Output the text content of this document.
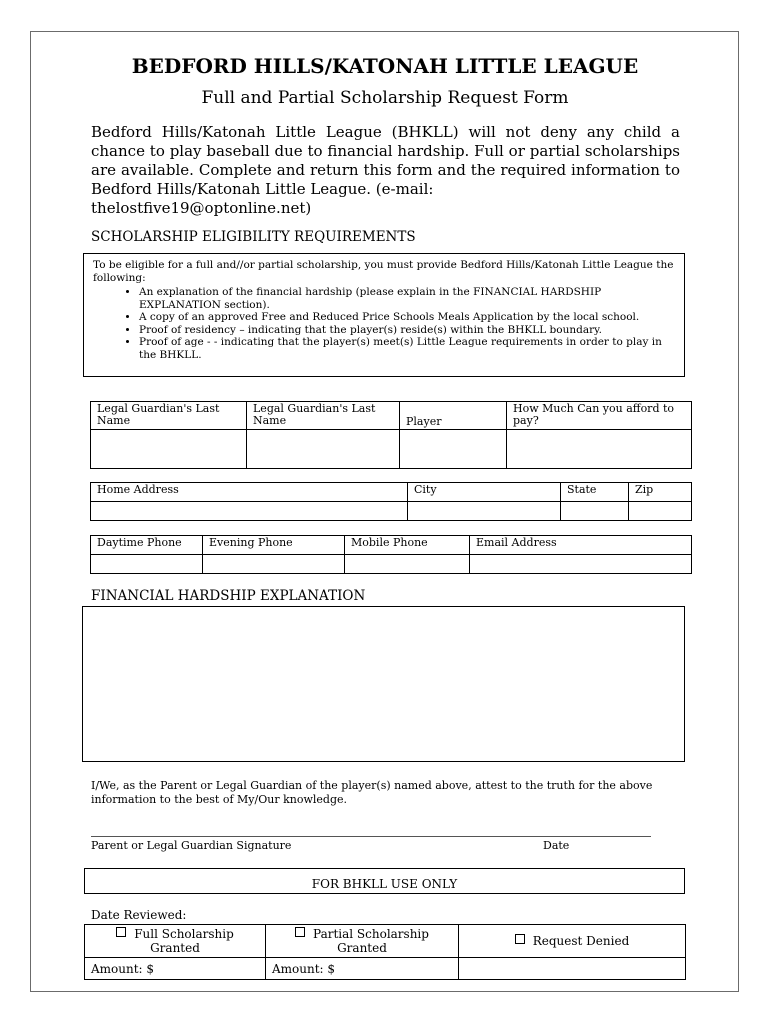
BEDFORD HILLS/KATONAH LITTLE LEAGUE
Full and Partial Scholarship Request Form
Bedford Hills/Katonah Little League (BHKLL) will not deny any child a chance to play baseball due to financial hardship. Full or partial scholarships are available. Complete and return this form and the required information to Bedford Hills/Katonah Little League. (e-mail:
thelostfive19@optonline.net)
SCHOLARSHIP ELIGIBILITY REQUIREMENTS
To be eligible for a full and//or partial scholarship, you must provide Bedford Hills/Katonah Little League the following:
• An explanation of the financial hardship (please explain in the FINANCIAL HARDSHIP EXPLANATION section).
• A copy of an approved Free and Reduced Price Schools Meals Application by the local school.
• Proof of residency – indicating that the player(s) reside(s) within the BHKLL boundary.
• Proof of age - - indicating that the player(s) meet(s) Little League requirements in order to play in the BHKLL.
Legal Guardian's Last Name	Legal Guardian's Last Name	Player	How Much Can you afford to pay?

Home Address	City	State	Zip

Daytime Phone	Evening Phone	Mobile Phone	Email Address

FINANCIAL HARDSHIP EXPLANATION
I/We, as the Parent or Legal Guardian of the player(s) named above, attest to the truth for the above information to the best of My/Our knowledge.
Parent or Legal Guardian Signature	Date
FOR BHKLL USE ONLY
Date Reviewed:
Full Scholarship Granted	Partial Scholarship Granted	Request Denied
Amount: $	Amount: $	
